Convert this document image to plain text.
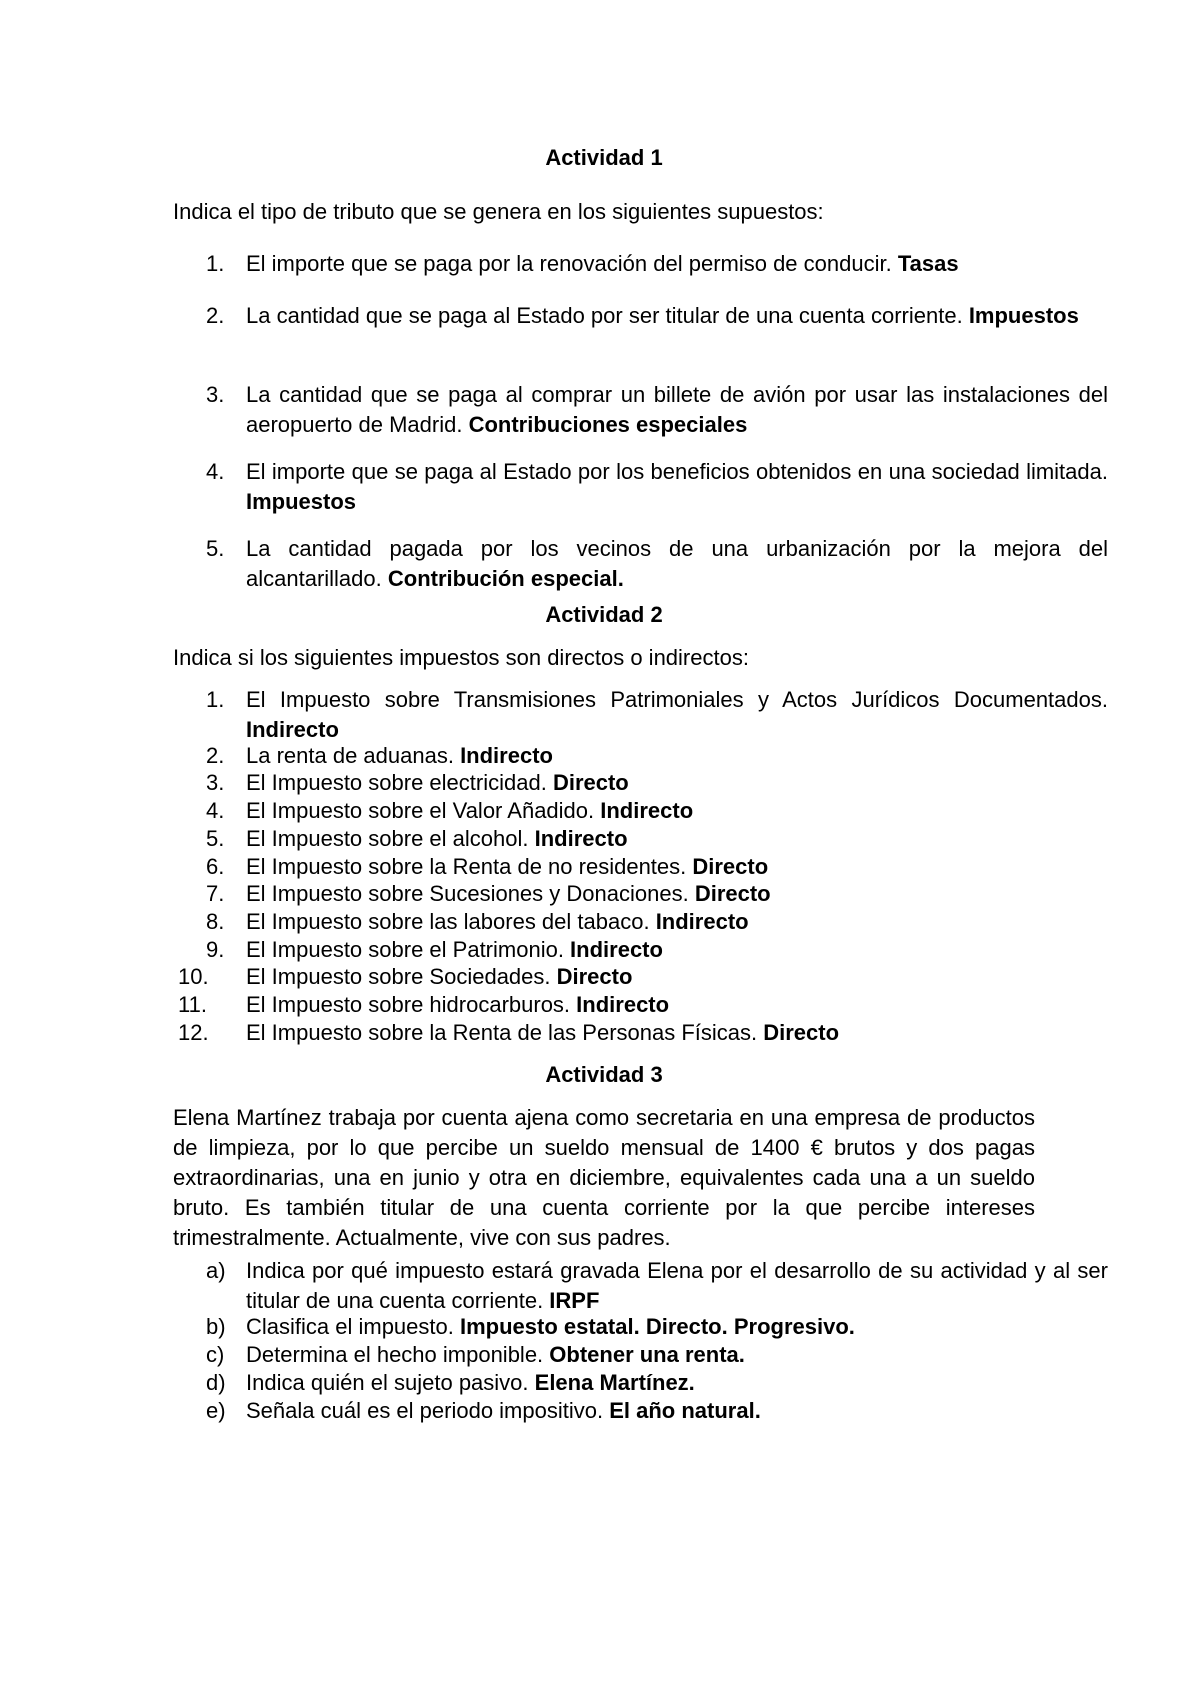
Actividad 1
Indica el tipo de tributo que se genera en los siguientes supuestos:
1. El importe que se paga por la renovación del permiso de conducir. Tasas
2. La cantidad que se paga al Estado por ser titular de una cuenta corriente. Impuestos
3. La cantidad que se paga al comprar un billete de avión por usar las instalaciones del aeropuerto de Madrid. Contribuciones especiales
4. El importe que se paga al Estado por los beneficios obtenidos en una sociedad limitada. Impuestos
5. La cantidad pagada por los vecinos de una urbanización por la mejora del alcantarillado. Contribución especial.
Actividad 2
Indica si los siguientes impuestos son directos o indirectos:
1. El Impuesto sobre Transmisiones Patrimoniales y Actos Jurídicos Documentados. Indirecto
2. La renta de aduanas. Indirecto
3. El Impuesto sobre electricidad. Directo
4. El Impuesto sobre el Valor Añadido. Indirecto
5. El Impuesto sobre el alcohol. Indirecto
6. El Impuesto sobre la Renta de no residentes. Directo
7. El Impuesto sobre Sucesiones y Donaciones. Directo
8. El Impuesto sobre las labores del tabaco. Indirecto
9. El Impuesto sobre el Patrimonio. Indirecto
10. El Impuesto sobre Sociedades. Directo
11. El Impuesto sobre hidrocarburos. Indirecto
12. El Impuesto sobre la Renta de las Personas Físicas. Directo
Actividad 3
Elena Martínez trabaja por cuenta ajena como secretaria en una empresa de productos de limpieza, por lo que percibe un sueldo mensual de 1400 € brutos y dos pagas extraordinarias, una en junio y otra en diciembre, equivalentes cada una a un sueldo bruto. Es también titular de una cuenta corriente por la que percibe intereses trimestralmente. Actualmente, vive con sus padres.
a) Indica por qué impuesto estará gravada Elena por el desarrollo de su actividad y al ser titular de una cuenta corriente. IRPF
b) Clasifica el impuesto. Impuesto estatal. Directo. Progresivo.
c) Determina el hecho imponible. Obtener una renta.
d) Indica quién el sujeto pasivo. Elena Martínez.
e) Señala cuál es el periodo impositivo. El año natural.
